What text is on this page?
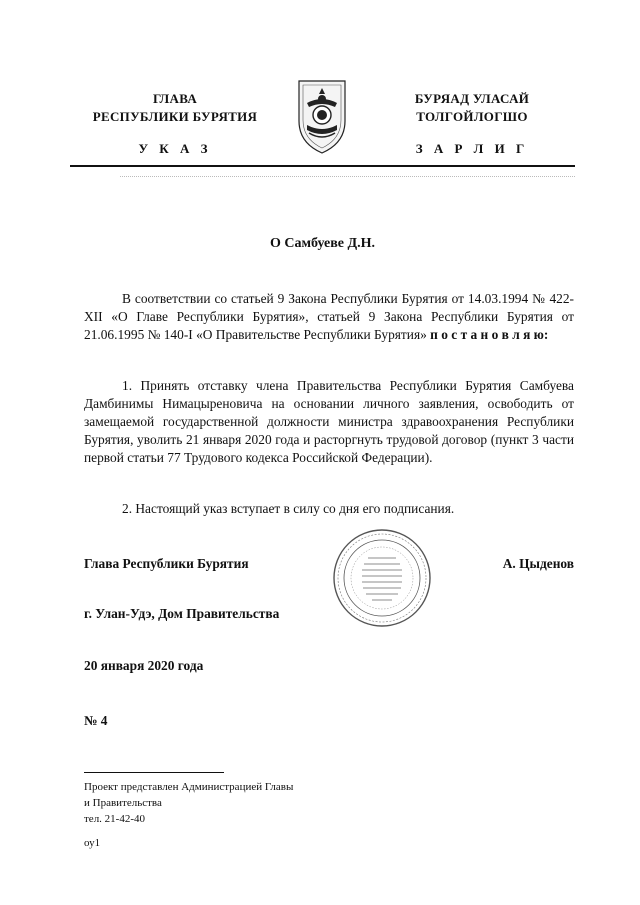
ГЛАВА
РЕСПУБЛИКИ БУРЯТИЯ
У К А З
БУРЯАД УЛАСАЙ
ТОЛГОЙЛОГШО
З А Р Л И Г
О Самбуеве Д.Н.
В соответствии со статьей 9 Закона Республики Бурятия от 14.03.1994 № 422-XII «О Главе Республики Бурятия», статьей 9 Закона Республики Бурятия от 21.06.1995 № 140-I «О Правительстве Республики Бурятия» п о с т а н о в л я ю:
1. Принять отставку члена Правительства Республики Бурятия Самбуева Дамбинимы Нимацыреновича на основании личного заявления, освободить от замещаемой государственной должности министра здравоохранения Республики Бурятия, уволить 21 января 2020 года и расторгнуть трудовой договор (пункт 3 части первой статьи 77 Трудового кодекса Российской Федерации).
2. Настоящий указ вступает в силу со дня его подписания.
Глава Республики Бурятия	А. Цыденов
г. Улан-Удэ, Дом Правительства
20 января 2020 года
№ 4
Проект представлен Администрацией Главы
и Правительства
тел. 21-42-40
оу1
